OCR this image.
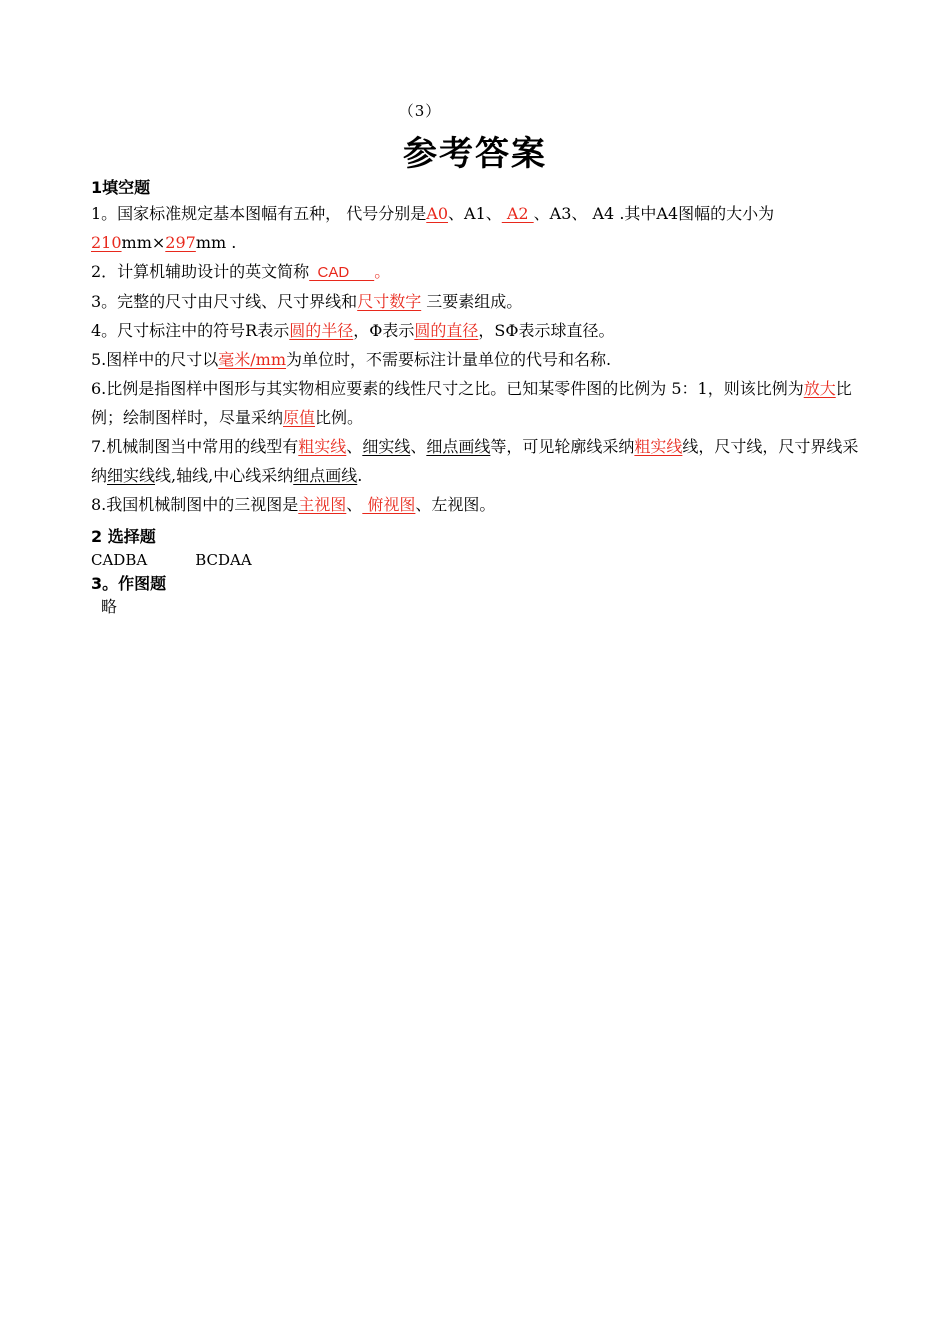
（3）
参考答案
1填空题
1。国家标准规定基本图幅有五种， 代号分别是A0、A1、 A2 、A3、 A4 .其中A4图幅的大小为210mm×297mm .
2．计算机辅助设计的英文简称  CAD      。
3。完整的尺寸由尺寸线、尺寸界线和尺寸数字 三要素组成。
4。尺寸标注中的符号R表示圆的半径，Φ表示圆的直径，SΦ表示球直径。
5.图样中的尺寸以毫米/mm为单位时，不需要标注计量单位的代号和名称.
6.比例是指图样中图形与其实物相应要素的线性尺寸之比。已知某零件图的比例为 5：1，则该比例为放大比例；绘制图样时，尽量采纳原值比例。
7.机械制图当中常用的线型有粗实线、细实线、细点画线等，可见轮廓线采纳粗实线线，尺寸线，尺寸界线采纳细实线线,轴线,中心线采纳细点画线.
8.我国机械制图中的三视图是主视图、 俯视图、左视图。
2 选择题
CADBA	BCDAA
3。作图题
略
